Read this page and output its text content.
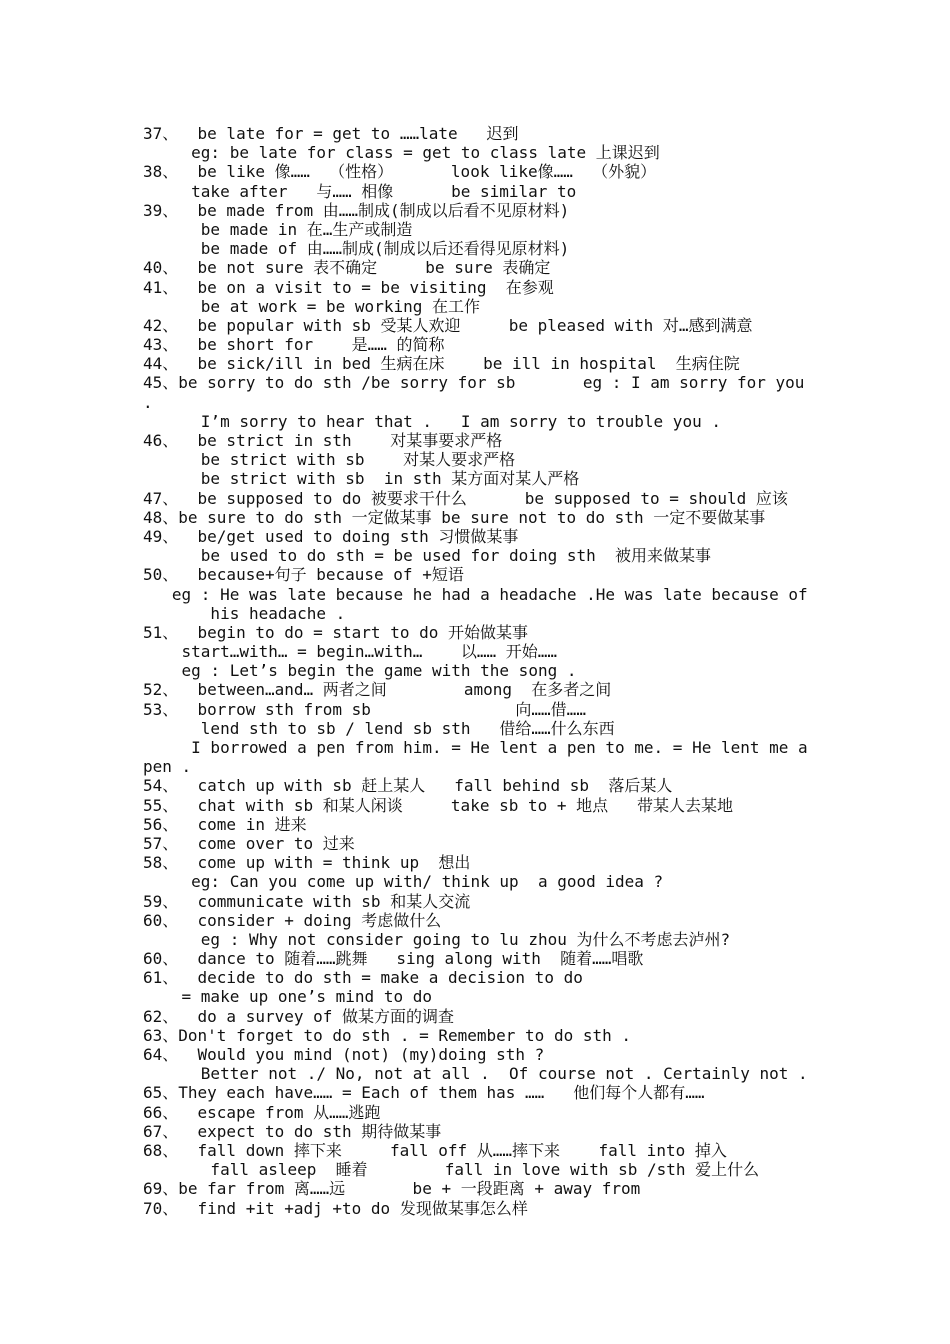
37、  be late for = get to ……late   迟到
eg: be late for class = get to class late 上课迟到
38、  be like 像……  （性格）      look like像……  （外貌）
take after   与…… 相像      be similar to
39、  be made from 由……制成(制成以后看不见原材料)
be made in 在…生产或制造
be made of 由……制成(制成以后还看得见原材料)
40、  be not sure 表不确定     be sure 表确定
41、  be on a visit to = be visiting  在参观
be at work = be working 在工作
42、  be popular with sb 受某人欢迎     be pleased with 对…感到满意
43、  be short for    是…… 的简称
44、  be sick/ill in bed 生病在床    be ill in hospital  生病住院
45、be sorry to do sth /be sorry for sb       eg : I am sorry for you
.
I’m sorry to hear that .   I am sorry to trouble you .
46、  be strict in sth    对某事要求严格
be strict with sb    对某人要求严格
be strict with sb  in sth 某方面对某人严格
47、  be supposed to do 被要求干什么      be supposed to = should 应该
48、be sure to do sth 一定做某事 be sure not to do sth 一定不要做某事
49、  be/get used to doing sth 习惯做某事
be used to do sth = be used for doing sth  被用来做某事
50、  because+句子 because of +短语
eg : He was late because he had a headache .He was late because of
his headache .
51、  begin to do = start to do 开始做某事
start…with… = begin…with…    以…… 开始……
eg : Let’s begin the game with the song .
52、  between…and… 两者之间        among  在多者之间
53、  borrow sth from sb               向……借……
lend sth to sb / lend sb sth   借给……什么东西
I borrowed a pen from him. = He lent a pen to me. = He lent me a
pen .
54、  catch up with sb 赶上某人   fall behind sb  落后某人
55、  chat with sb 和某人闲谈     take sb to + 地点   带某人去某地
56、  come in 进来
57、  come over to 过来
58、  come up with = think up  想出
eg: Can you come up with/ think up  a good idea ?
59、  communicate with sb 和某人交流
60、  consider + doing 考虑做什么
eg : Why not consider going to lu zhou 为什么不考虑去泸州?
60、  dance to 随着……跳舞   sing along with  随着……唱歌
61、  decide to do sth = make a decision to do
= make up one’s mind to do
62、  do a survey of 做某方面的调查
63、Don't forget to do sth . = Remember to do sth .
64、  Would you mind (not) (my)doing sth ?
Better not ./ No, not at all .  Of course not . Certainly not .
65、They each have…… = Each of them has ……   他们每个人都有……
66、  escape from 从……逃跑
67、  expect to do sth 期待做某事
68、  fall down 摔下来     fall off 从……摔下来    fall into 掉入
fall asleep  睡着        fall in love with sb /sth 爱上什么
69、be far from 离……远       be + 一段距离 + away from
70、  find +it +adj +to do 发现做某事怎么样
